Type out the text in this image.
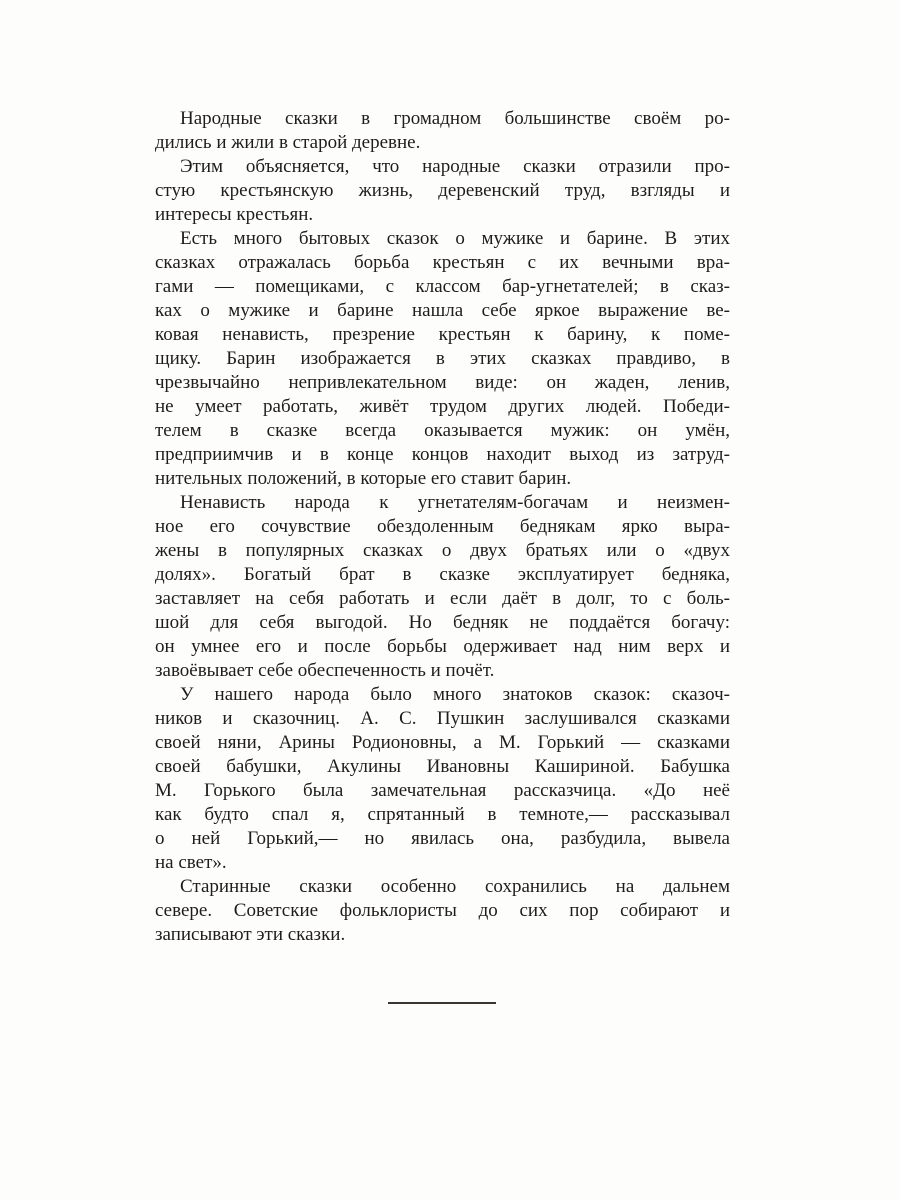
Народные сказки в громадном большинстве своём ро-
дились и жили в старой деревне.
Этим объясняется, что народные сказки отразили про-
стую крестьянскую жизнь, деревенский труд, взгляды и
интересы крестьян.
Есть много бытовых сказок о мужике и барине. В этих
сказках отражалась борьба крестьян с их вечными вра-
гами — помещиками, с классом бар-угнетателей; в сказ-
ках о мужике и барине нашла себе яркое выражение ве-
ковая ненависть, презрение крестьян к барину, к поме-
щику. Барин изображается в этих сказках правдиво, в
чрезвычайно непривлекательном виде: он жаден, ленив,
не умеет работать, живёт трудом других людей. Победи-
телем в сказке всегда оказывается мужик: он умён,
предприимчив и в конце концов находит выход из затруд-
нительных положений, в которые его ставит барин.
Ненависть народа к угнетателям-богачам и неизмен-
ное его сочувствие обездоленным беднякам ярко выра-
жены в популярных сказках о двух братьях или о «двух
долях». Богатый брат в сказке эксплуатирует бедняка,
заставляет на себя работать и если даёт в долг, то с боль-
шой для себя выгодой. Но бедняк не поддаётся богачу:
он умнее его и после борьбы одерживает над ним верх и
завоёвывает себе обеспеченность и почёт.
У нашего народа было много знатоков сказок: сказоч-
ников и сказочниц. А. С. Пушкин заслушивался сказками
своей няни, Арины Родионовны, а М. Горький — сказками
своей бабушки, Акулины Ивановны Кашириной. Бабушка
М. Горького была замечательная рассказчица. «До неё
как будто спал я, спрятанный в темноте,— рассказывал
о ней Горький,— но явилась она, разбудила, вывела
на свет».
Старинные сказки особенно сохранились на дальнем
севере. Советские фольклористы до сих пор собирают и
записывают эти сказки.
